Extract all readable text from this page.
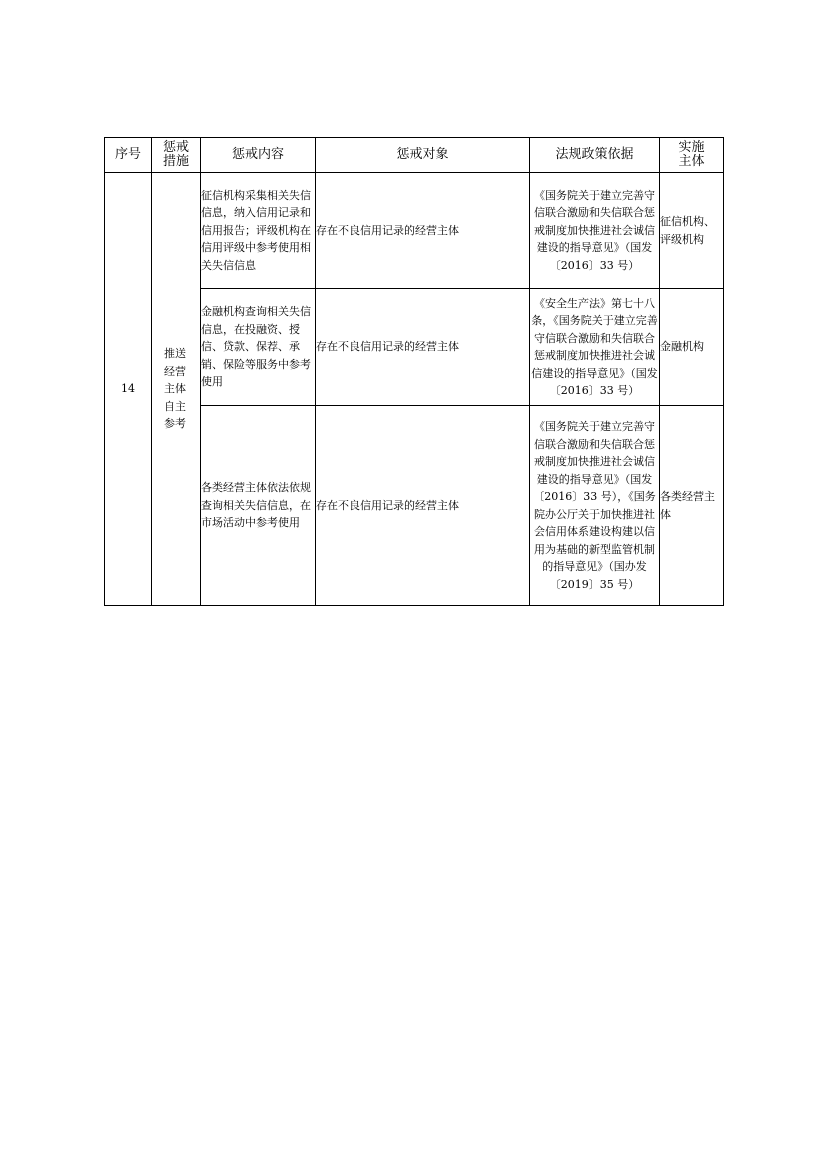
序号	惩戒措施	惩戒内容	惩戒对象	法规政策依据	实施主体
14	推送经营主体自主参考	征信机构采集相关失信信息，纳入信用记录和信用报告；评级机构在信用评级中参考使用相关失信信息	存在不良信用记录的经营主体	《国务院关于建立完善守信联合激励和失信联合惩戒制度加快推进社会诚信建设的指导意见》（国发〔2016〕33 号）	征信机构、评级机构

		金融机构查询相关失信信息，在投融资、授信、贷款、保荐、承销、保险等服务中参考使用	存在不良信用记录的经营主体	《安全生产法》第七十八条，《国务院关于建立完善守信联合激励和失信联合惩戒制度加快推进社会诚信建设的指导意见》（国发〔2016〕33 号）	金融机构

		各类经营主体依法依规查询相关失信信息，在市场活动中参考使用	存在不良信用记录的经营主体	《国务院关于建立完善守信联合激励和失信联合惩戒制度加快推进社会诚信建设的指导意见》（国发〔2016〕33 号），《国务院办公厅关于加快推进社会信用体系建设构建以信用为基础的新型监管机制的指导意见》（国办发〔2019〕35 号）	各类经营主体
